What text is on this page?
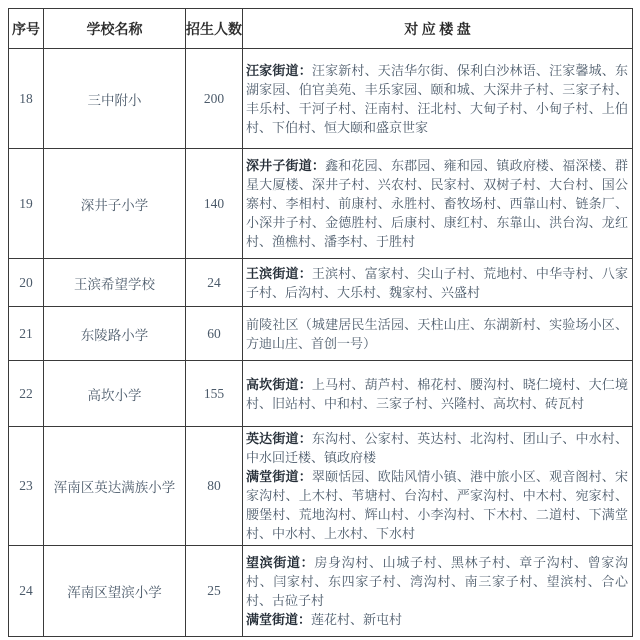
序号	学校名称	招生人数	对 应 楼 盘
18	三中附小	200	汪家街道：汪家新村、天洁华尔街、保利白沙林语、汪家馨城、东湖家园、伯官美苑、丰乐家园、颐和城、大深井子村、三家子村、丰乐村、干河子村、汪南村、汪北村、大甸子村、小甸子村、上伯村、下伯村、恒大颐和盛京世家

19	深井子小学	140	深井子街道：鑫和花园、东郡园、雍和园、镇政府楼、福深楼、群星大厦楼、深井子村、兴农村、民家村、双树子村、大台村、国公寨村、李相村、前康村、永胜村、畜牧场村、西靠山村、链条厂、小深井子村、金德胜村、后康村、康红村、东靠山、洪台沟、龙红村、渔樵村、潘李村、于胜村

20	王滨希望学校	24	王滨街道：王滨村、富家村、尖山子村、荒地村、中华寺村、八家子村、后沟村、大乐村、魏家村、兴盛村

21	东陵路小学	60	前陵社区（城建居民生活园、天柱山庄、东湖新村、实验场小区、方迪山庄、首创一号）

22	高坎小学	155	高坎街道：上马村、葫芦村、棉花村、腰沟村、晓仁境村、大仁境村、旧站村、中和村、三家子村、兴隆村、高坎村、砖瓦村

23	浑南区英达满族小学	80	英达街道：东沟村、公家村、英达村、北沟村、团山子、中水村、中水回迁楼、镇政府楼
满堂街道：翠颐恬园、欧陆风情小镇、港中旅小区、观音阁村、宋家沟村、上木村、苇塘村、台沟村、严家沟村、中木村、宛家村、腰堡村、荒地沟村、辉山村、小李沟村、下木村、二道村、下满堂村、中水村、上水村、下水村

24	浑南区望滨小学	25	望滨街道：房身沟村、山城子村、黑林子村、章子沟村、曾家沟村、闫家村、东四家子村、湾沟村、南三家子村、望滨村、合心村、古砬子村
满堂街道：莲花村、新屯村
